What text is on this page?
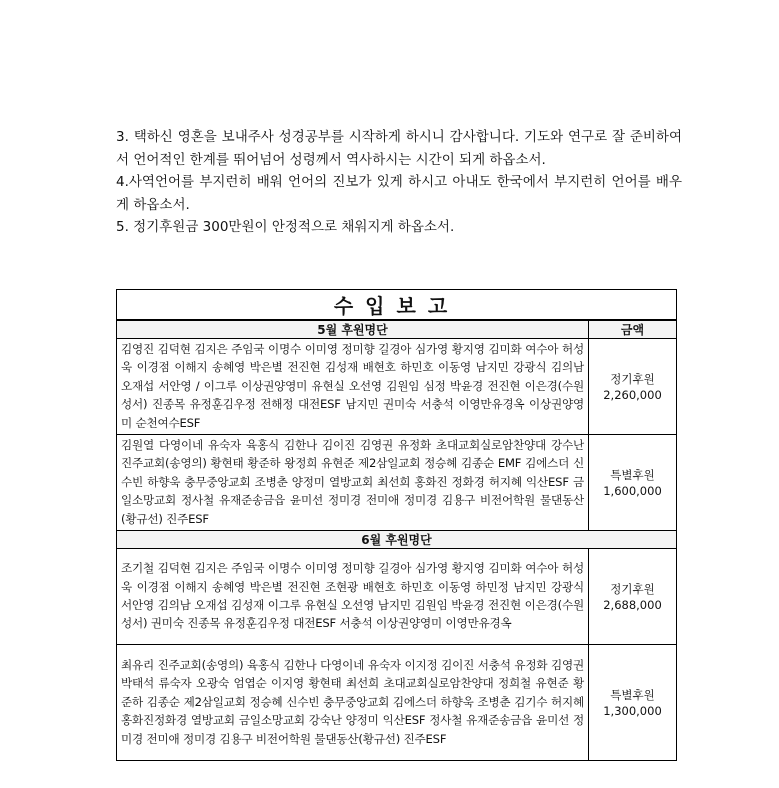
3. 택하신 영혼을 보내주사 성경공부를 시작하게 하시니 감사합니다. 기도와 연구로 잘 준비하여서 언어적인 한계를 뛰어넘어 성령께서 역사하시는 시간이 되게 하옵소서.

4.사역언어를 부지런히 배워 언어의 진보가 있게 하시고 아내도 한국에서 부지런히 언어를 배우게 하옵소서.

5. 정기후원금 300만원이 안정적으로 채워지게 하옵소서.

수입보고	
5월 후원명단	금액
김영진 김덕현 김지은 주임국 이명수 이미영 정미향 길경아 심가영 황지영 김미화 여수아 허성욱 이경점 이해지 송혜영 박은별 전진현 김성재 배현호 하민호 이동영 남지민 강광식 김의남 오재섭 서안영 / 이그루 이상권양영미 유현실 오선영 김원임 심정 박윤경 전진현 이은경(수원성서) 진종목 유정훈김우정 전해정 대전ESF 남지민 권미숙 서충석 이영만유경옥 이상권양영미 순천여수ESF	정기후원
2,260,000

김원열 다영이네 유숙자 육홍식 김한나 김이진 김영권 유정화 초대교회실로암찬양대 강수난 진주교회(송영의) 황현태 황준하 왕정희 유현준 제2삼일교회 정승혜 김종순 EMF 김에스더 신수빈 하향욱 충무중앙교회 조병춘 양정미 열방교회 최선희 홍화진 정화경 허지혜 익산ESF 금일소망교회 정사철 유재준송금읍 윤미선 정미경 전미애 정미경 김용구 비전어학원 물댄동산(황규선) 진주ESF	특별후원
1,600,000

6월 후원명단	
조기철 김덕현 김지은 주임국 이명수 이미영 정미향 길경아 심가영 황지영 김미화 여수아 허성욱 이경점 이해지 송혜영 박은별 전진현 조현광 배현호 하민호 이동영 하민정 남지민 강광식 서안영 김의남 오재섭 김성재 이그루 유현실 오선영 남지민 김원임 박윤경 전진현 이은경(수원성서) 권미숙 진종목 유정훈김우정 대전ESF 서충석 이상권양영미 이영만유경옥	정기후원
2,688,000

최유리 진주교회(송영의) 육홍식 김한나 다영이네 유숙자 이지정 김이진 서충석 유정화 김영권 박태석 류숙자 오광숙 엄엽순 이지영 황현태 최선희 초대교회실로암찬양대 정희철 유현준 황준하 김종순 제2삼일교회 정승혜 신수빈 충무중앙교회 김에스더 하향욱 조병춘 김기수 허지혜 홍화진정화경 열방교회 금일소망교회 강숙난 양정미 익산ESF 정사철 유재준송금읍 윤미선 정미경 전미애 정미경 김용구 비전어학원 물댄동산(황규선) 진주ESF	특별후원
1,300,000
